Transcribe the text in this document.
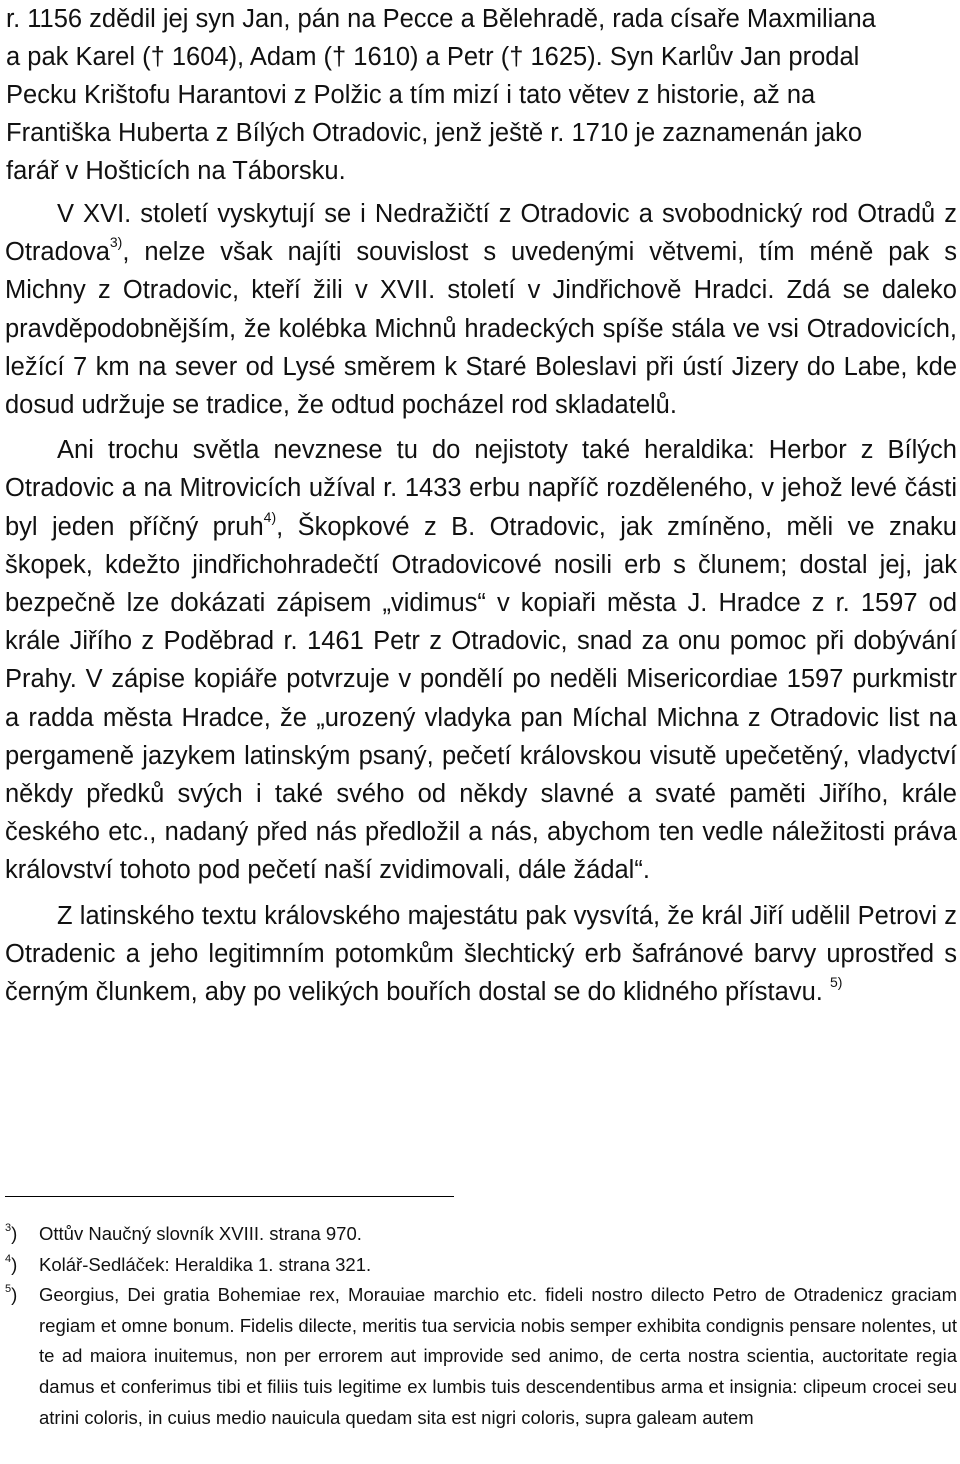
r. 1156 zdědil jej syn Jan, pán na Pecce a Bělehradě, rada císaře Maxmiliana
a pak Karel († 1604), Adam († 1610) a Petr († 1625). Syn Karlův Jan prodal
Pecku Krištofu Harantovi z Polžic a tím mizí i tato větev z historie, až na
Františka Huberta z Bílých Otradovic, jenž ještě r. 1710 je zaznamenán jako
farář v Hošticích na Táborsku.

V XVI. století vyskytují se i Nedražičtí z Otradovic a svobodnický rod Otradů z Otradova$^{3)}$, nelze však najíti souvislost s uvedenými větvemi, tím méně pak s Michny z Otradovic, kteří žili v XVII. století v Jindřichově Hradci. Zdá se daleko pravděpodobnějším, že kolébka Michnů hradeckých spíše stála ve vsi Otradovicích, ležící 7 km na sever od Lysé směrem k Staré Boleslavi při ústí Jizery do Labe, kde dosud udržuje se tradice, že odtud pocházel rod skladatelů.

Ani trochu světla nevznese tu do nejistoty také heraldika: Herbor z Bílých Otradovic a na Mitrovicích užíval r. 1433 erbu napříč rozděleného, v jehož levé části byl jeden příčný pruh$^{4)}$, Škopkové z B. Otradovic, jak zmíněno, měli ve znaku škopek, kdežto jindřichohradečtí Otradovicové nosili erb s člunem; dostal jej, jak bezpečně lze dokázati zápisem „vidimus“ v kopiaři města J. Hradce z r. 1597 od krále Jiřího z Poděbrad r. 1461 Petr z Otradovic, snad za onu pomoc při dobývání Prahy. V zápise kopiáře potvrzuje v pondělí po neděli Misericordiae 1597 purkmistr a radda města Hradce, že „urozený vladyka pan Míchal Michna z Otradovic list na pergameně jazykem latinským psaný, pečetí královskou visutě upečetěný, vladyctví někdy předků svých i také svého od někdy slavné a svaté paměti Jiřího, krále českého etc., nadaný před nás předložil a nás, abychom ten vedle náležitosti práva království tohoto pod pečetí naší zvidimovali, dále žádal“.

Z latinského textu královského majestátu pak vysvítá, že král Jiří udělil Petrovi z Otradenic a jeho legitimním potomkům šlechtický erb šafránové barvy uprostřed s černým člunkem, aby po velikých bouřích dostal se do klidného přístavu. $^{5)}$

$^3$)	Ottův Naučný slovník XVIII. strana 970.
$^4$)	Kolář-Sedláček: Heraldika 1. strana 321.
$^5$)	Georgius, Dei gratia Bohemiae rex, Morauiae marchio etc. fideli nostro dilecto Petro de Otradenicz graciam regiam et omne bonum. Fidelis dilecte, meritis tua servicia nobis semper exhibita condignis pensare nolentes, ut te ad maiora inuitemus, non per errorem aut improvide sed animo, de certa nostra scientia, auctoritate regia damus et conferimus tibi et filiis tuis legitime ex lumbis tuis descendentibus arma et insignia: clipeum crocei seu atrini coloris, in cuius medio nauicula quedam sita est nigri coloris, supra galeam autem
